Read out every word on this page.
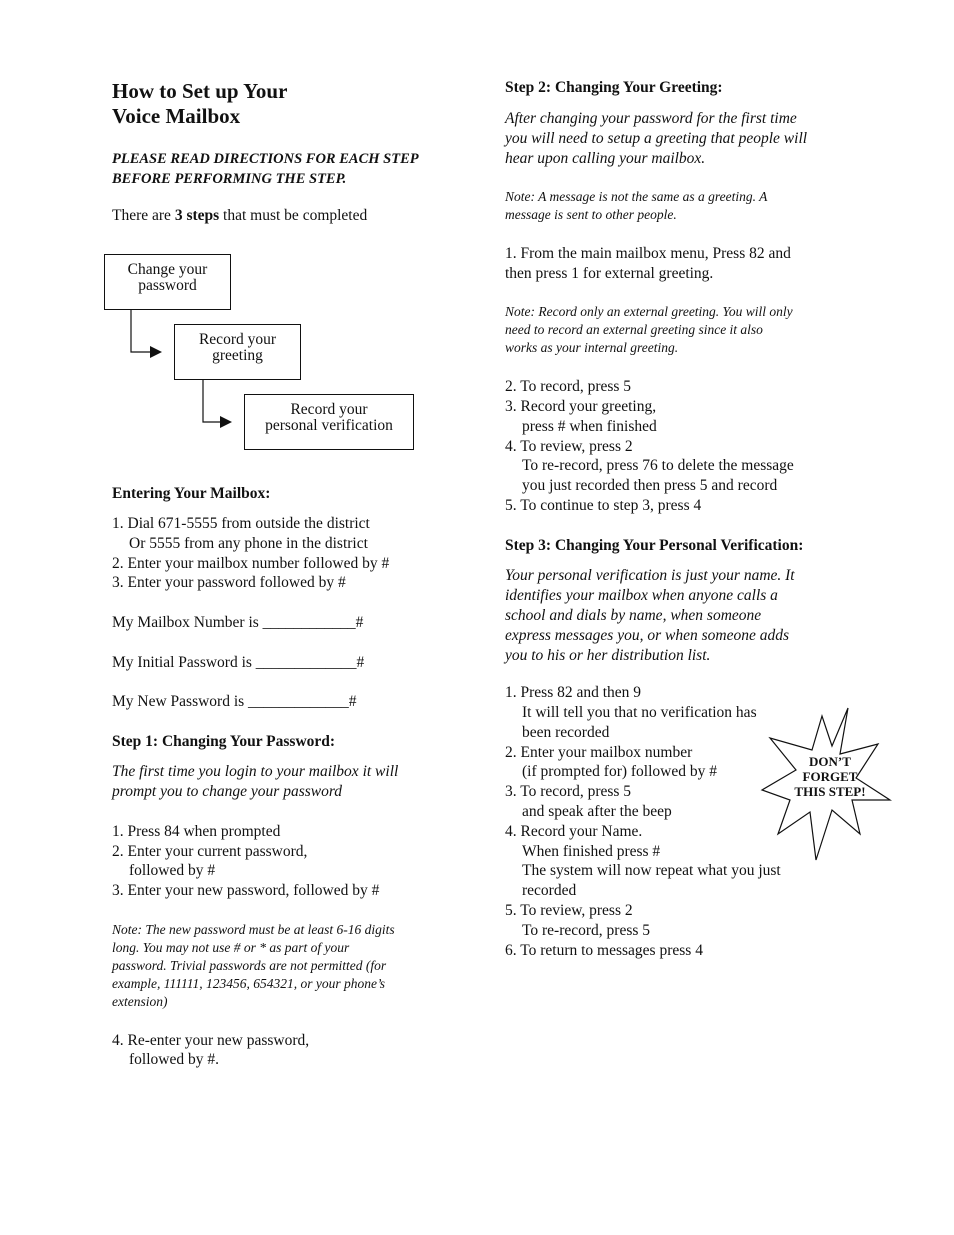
How to Set up Your
Voice Mailbox
PLEASE READ DIRECTIONS FOR EACH STEP
BEFORE PERFORMING THE STEP.
There are 3 steps that must be completed
Change your
password
Record your
greeting
Record your
personal verification
Entering Your Mailbox:
1. Dial 671-5555 from outside the district
Or 5555 from any phone in the district
2. Enter your mailbox number followed by #
3. Enter your password followed by #
My Mailbox Number is ____________#
My Initial Password is _____________#
My New Password is _____________#
Step 1: Changing Your Password:
The first time you login to your mailbox it will
prompt you to change your password
1. Press 84 when prompted
2. Enter your current password,
followed by #
3. Enter your new password, followed by #
Note: The new password must be at least 6-16 digits
long. You may not use # or * as part of your
password. Trivial passwords are not permitted (for
example, 111111, 123456, 654321, or your phone’s
extension)
4. Re-enter your new password,
followed by #.
Step 2: Changing Your Greeting:
After changing your password for the first time
you will need to setup a greeting that people will
hear upon calling your mailbox.
Note: A message is not the same as a greeting. A
message is sent to other people.
1. From the main mailbox menu, Press 82 and
then press 1 for external greeting.
Note: Record only an external greeting. You will only
need to record an external greeting since it also
works as your internal greeting.
2. To record, press 5
3. Record your greeting,
press # when finished
4. To review, press 2
To re-record, press 76 to delete the message
you just recorded then press 5 and record
5. To continue to step 3, press 4
Step 3: Changing Your Personal Verification:
Your personal verification is just your name. It
identifies your mailbox when anyone calls a
school and dials by name, when someone
express messages you, or when someone adds
you to his or her distribution list.
1. Press 82 and then 9
It will tell you that no verification has
been recorded
2. Enter your mailbox number
(if prompted for) followed by #
3. To record, press 5
and speak after the beep
4. Record your Name.
When finished press #
The system will now repeat what you just
recorded
5. To review, press 2
To re-record, press 5
6. To return to messages press 4
DON’T
FORGET
THIS STEP!
